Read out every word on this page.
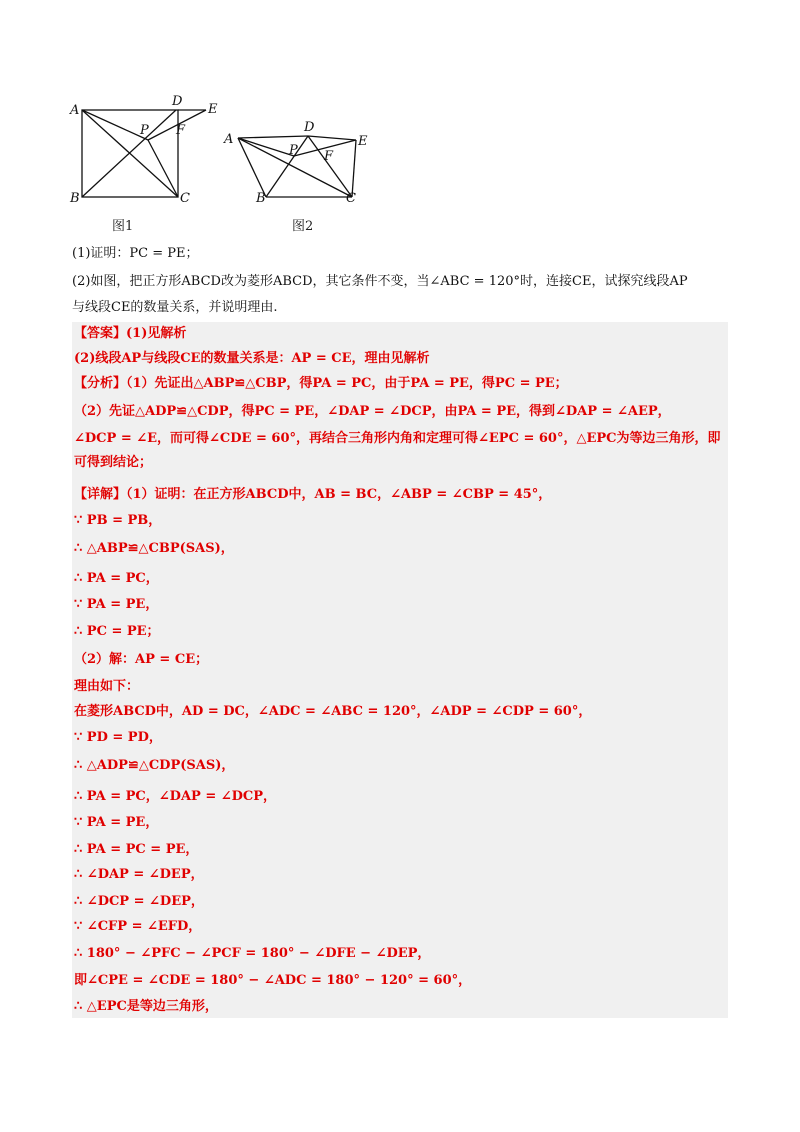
A
B	C
D
E
P F
图1
A
B	C
D
E
P F
图2
(1)证明：PC = PE；
(2)如图，把正方形ABCD改为菱形ABCD，其它条件不变，当∠ABC = 120°时，连接CE，试探究线段AP
与线段CE的数量关系，并说明理由.
【答案】(1)见解析
(2)线段AP与线段CE的数量关系是：AP = CE，理由见解析
【分析】（1）先证出△ABP≌△CBP，得PA = PC，由于PA = PE，得PC = PE；
（2）先证△ADP≌△CDP，得PC = PE，∠DAP = ∠DCP，由PA = PE，得到∠DAP = ∠AEP，
∠DCP = ∠E，而可得∠CDE = 60°，再结合三角形内角和定理可得∠EPC = 60°，△EPC为等边三角形，即
可得到结论；
【详解】（1）证明：在正方形ABCD中，AB = BC，∠ABP = ∠CBP = 45°，
∵ PB = PB，
∴ △ABP≌△CBP(SAS)，
∴ PA = PC，
∵ PA = PE，
∴ PC = PE；
（2）解：AP = CE；
理由如下：
在菱形ABCD中，AD = DC，∠ADC = ∠ABC = 120°，∠ADP = ∠CDP = 60°，
∵ PD = PD，
∴ △ADP≌△CDP(SAS)，
∴ PA = PC，∠DAP = ∠DCP，
∵ PA = PE，
∴ PA = PC = PE，
∴ ∠DAP = ∠DEP，
∴ ∠DCP = ∠DEP，
∵ ∠CFP = ∠EFD，
∴ 180° − ∠PFC − ∠PCF = 180° − ∠DFE − ∠DEP，
即∠CPE = ∠CDE = 180° − ∠ADC = 180° − 120° = 60°，
∴ △EPC是等边三角形，
